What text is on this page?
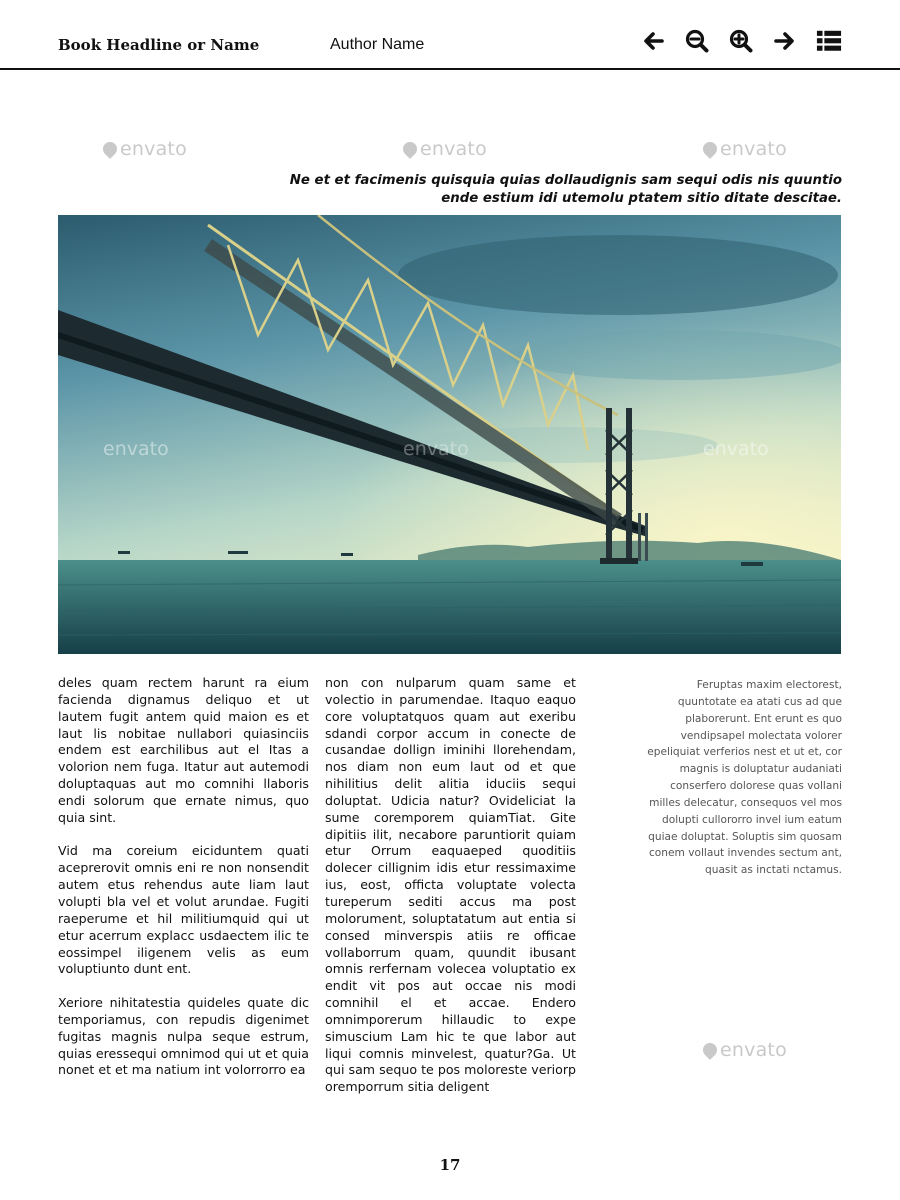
Book Headline or Name	Author Name
envato	envato	envato
envato
Ne et et facimenis quisquia quias dollaudignis sam sequi odis nis quuntio ende estium idi utemolu ptatem sitio ditate descitae.
envato	envato	envato

deles quam rectem harunt ra eium facienda dignamus deliquo et ut lautem fugit antem quid maion es et laut lis nobitae nullabori quiasinciis endem est earchilibus aut el Itas a volorion nem fuga. Itatur aut autemodi doluptaquas aut mo comnihi llaboris endi solorum que ernate nimus, quo quia sint.

Vid ma coreium eiciduntem quati aceprerovit omnis eni re non nonsendit autem etus rehendus aute liam laut volupti bla vel et volut arundae. Fugiti raeperume et hil militiumquid qui ut etur acerrum explacc usdaectem ilic te eossimpel iligenem velis as eum voluptiunto dunt ent.

Xeriore nihitatestia quideles quate dic temporiamus, con repudis digenimet fugitas magnis nulpa seque estrum, quias eressequi omnimod qui ut et quia nonet et et ma natium int volorrorro ea

non con nulparum quam same et volectio in parumendae. Itaquo eaquo core voluptatquos quam aut exeribu sdandi corpor accum in conecte de cusandae dollign iminihi llorehendam, nos diam non eum laut od et que nihilitius delit alitia iduciis sequi doluptat. Udicia natur? Ovideliciat la sume coremporem quiamTiat. Gite dipitiis ilit, necabore paruntiorit quiam etur Orrum eaquaeped quoditiis dolecer cillignim idis etur ressimaxime ius, eost, officta voluptate volecta tureperum sediti accus ma post molorument, soluptatatum aut entia si consed minverspis atiis re officae vollaborrum quam, quundit ibusant omnis rerfernam volecea voluptatio ex endit vit pos aut occae nis modi comnihil el et accae. Endero omnimporerum hillaudic to expe simuscium Lam hic te que labor aut liqui comnis minvelest, quatur?Ga. Ut qui sam sequo te pos moloreste veriorp oremporrum sitia deligent

Feruptas maxim electorest, quuntotate ea atati cus ad que plaborerunt. Ent erunt es quo vendipsapel molectata volorer epeliquiat verferios nest et ut et, cor magnis is doluptatur audaniati conserfero dolorese quas vollani milles delecatur, consequos vel mos dolupti cullororro invel ium eatum quiae doluptat. Soluptis sim quosam conem vollaut invendes sectum ant, quasit as inctati nctamus.
17
